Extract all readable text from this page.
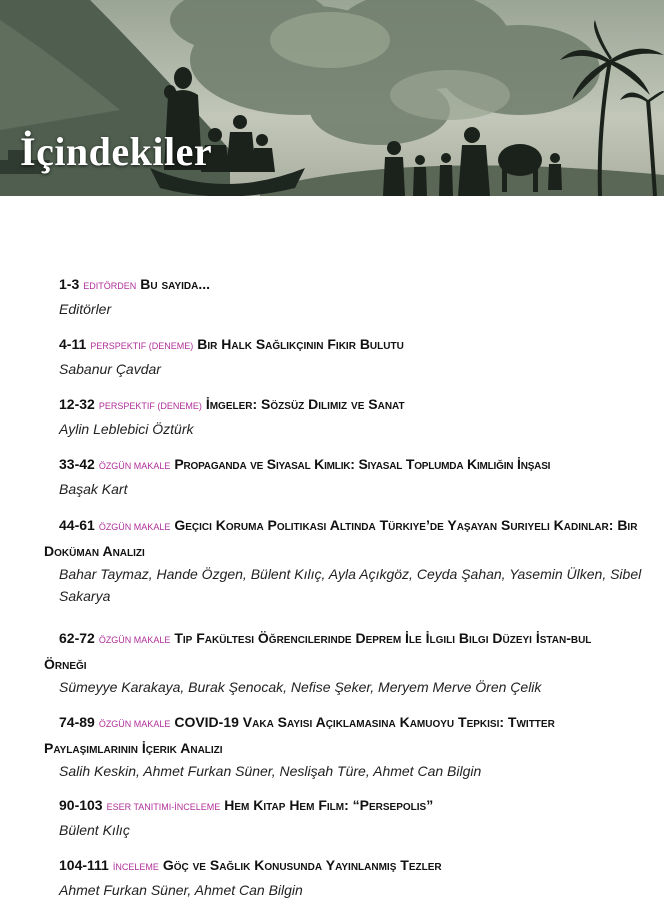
İçindekiler
1-3 EDITÖRDEN Bu sayıda...
Editörler
4-11 PERSPEKTIF (DENEME) Bir Halk Sağlıkçının Fikir Bulutu
Sabanur Çavdar
12-32 PERSPEKTIF (DENEME) İmgeler: Sözsüz Dilimiz ve Sanat
Aylin Leblebici Öztürk
33-42 ÖZGÜN MAKALE Propaganda ve Siyasal Kimlik: Siyasal Toplumda Kimliğin İnşası
Başak Kart
44-61 ÖZGÜN MAKALE Geçici Koruma Politikası Altında Türkiye’de Yaşayan Suriyeli Kadınlar: Bir Doküman Analizi
Bahar Taymaz, Hande Özgen, Bülent Kılıç, Ayla Açıkgöz, Ceyda Şahan, Yasemin Ülken, Sibel Sakarya
62-72 ÖZGÜN MAKALE Tıp Fakültesi Öğrencilerinde Deprem İle İlgili Bilgi Düzeyi İstan-bul Örneği
Sümeyye Karakaya, Burak Şenocak, Nefise Şeker, Meryem Merve Ören Çelik
74-89 ÖZGÜN MAKALE COVID-19 Vaka Sayısı Açıklamasına Kamuoyu Tepkisi: Twitter Paylaşımlarının İçerik Analizi
Salih Keskin, Ahmet Furkan Süner, Neslişah Türe, Ahmet Can Bilgin
90-103 ESER TANITIMI-İNCELEME Hem Kitap Hem Film: “Persepolis”
Bülent Kılıç
104-111 İNCELEME Göç ve Sağlık Konusunda Yayınlanmış Tezler
Ahmet Furkan Süner, Ahmet Can Bilgin
